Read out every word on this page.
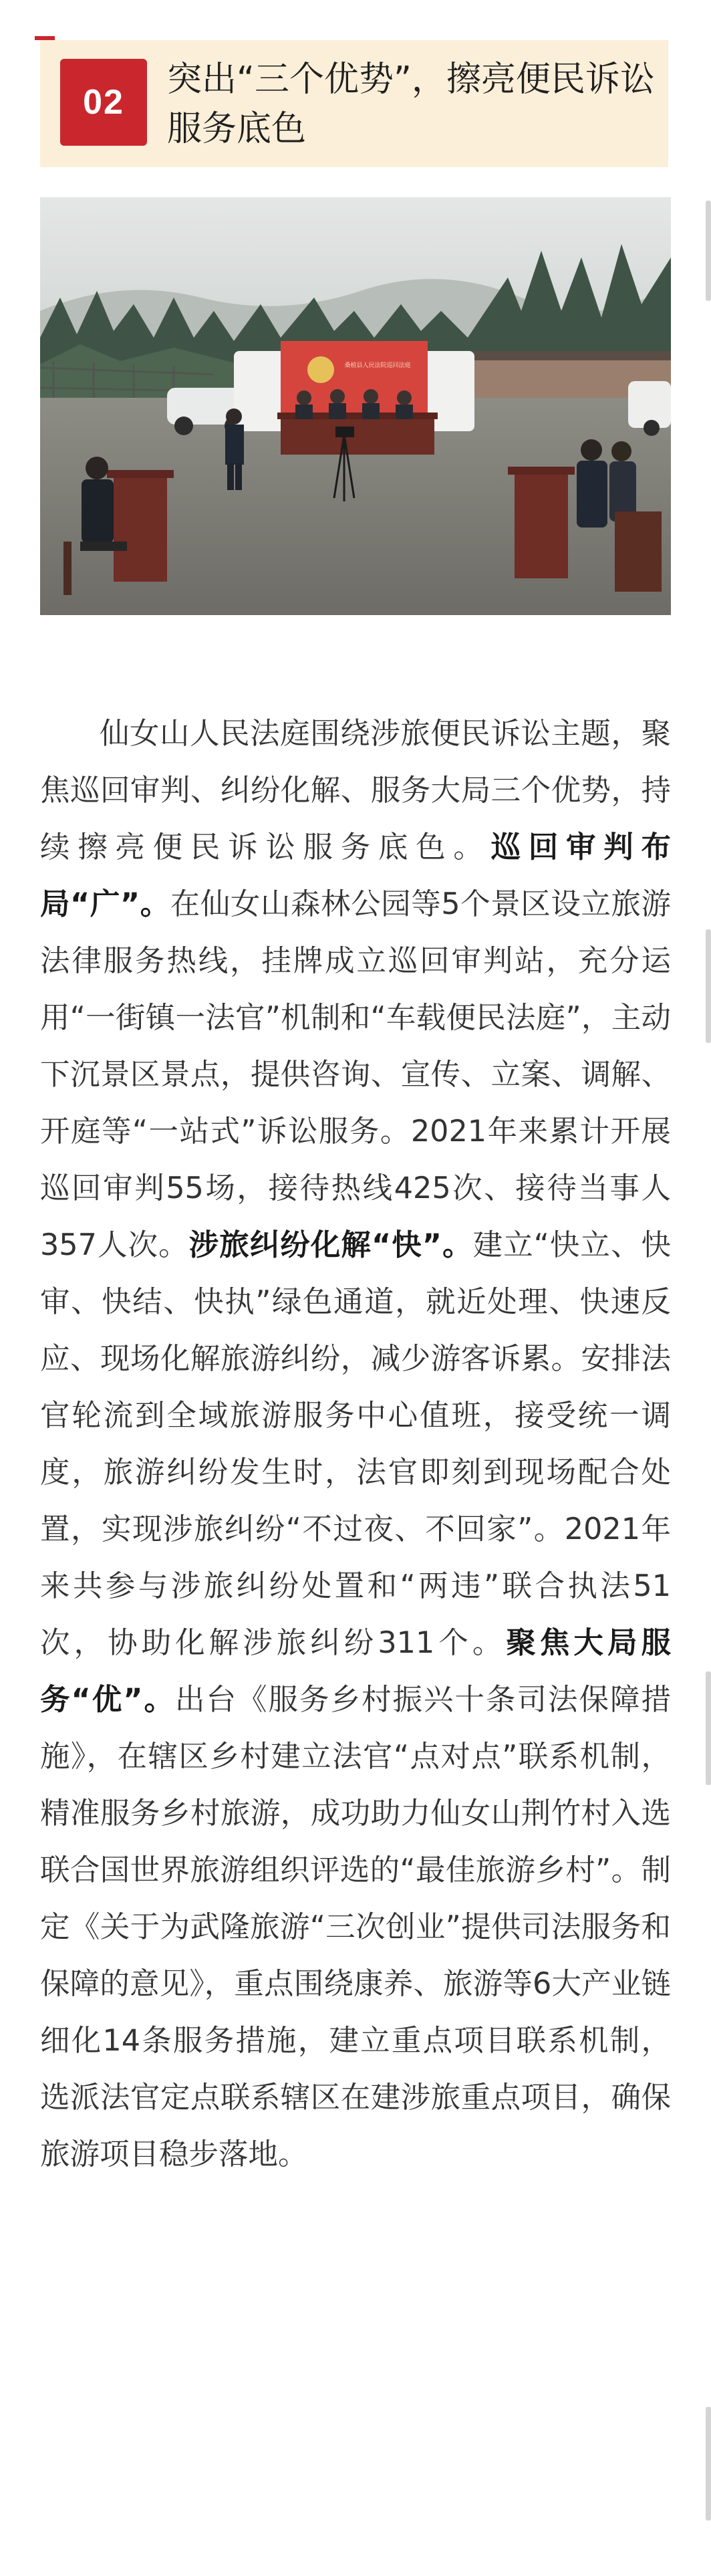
02
突出“三个优势”，擦亮便民诉讼服务底色
桑植县人民法院巡回法庭

仙女山人民法庭围绕涉旅便民诉讼主题，聚焦巡回审判、纠纷化解、服务大局三个优势，持续擦亮便民诉讼服务底色。巡回审判布局“广”。在仙女山森林公园等5个景区设立旅游法律服务热线，挂牌成立巡回审判站，充分运用“一街镇一法官”机制和“车载便民法庭”，主动下沉景区景点，提供咨询、宣传、立案、调解、开庭等“一站式”诉讼服务。2021年来累计开展巡回审判55场，接待热线425次、接待当事人357人次。涉旅纠纷化解“快”。建立“快立、快审、快结、快执”绿色通道，就近处理、快速反应、现场化解旅游纠纷，减少游客诉累。安排法官轮流到全域旅游服务中心值班，接受统一调度，旅游纠纷发生时，法官即刻到现场配合处置，实现涉旅纠纷“不过夜、不回家”。2021年来共参与涉旅纠纷处置和“两违”联合执法51次，协助化解涉旅纠纷311个。聚焦大局服务“优”。出台《服务乡村振兴十条司法保障措施》，在辖区乡村建立法官“点对点”联系机制，精准服务乡村旅游，成功助力仙女山荆竹村入选联合国世界旅游组织评选的“最佳旅游乡村”。制定《关于为武隆旅游“三次创业”提供司法服务和保障的意见》，重点围绕康养、旅游等6大产业链细化14条服务措施，建立重点项目联系机制，选派法官定点联系辖区在建涉旅重点项目，确保旅游项目稳步落地。
